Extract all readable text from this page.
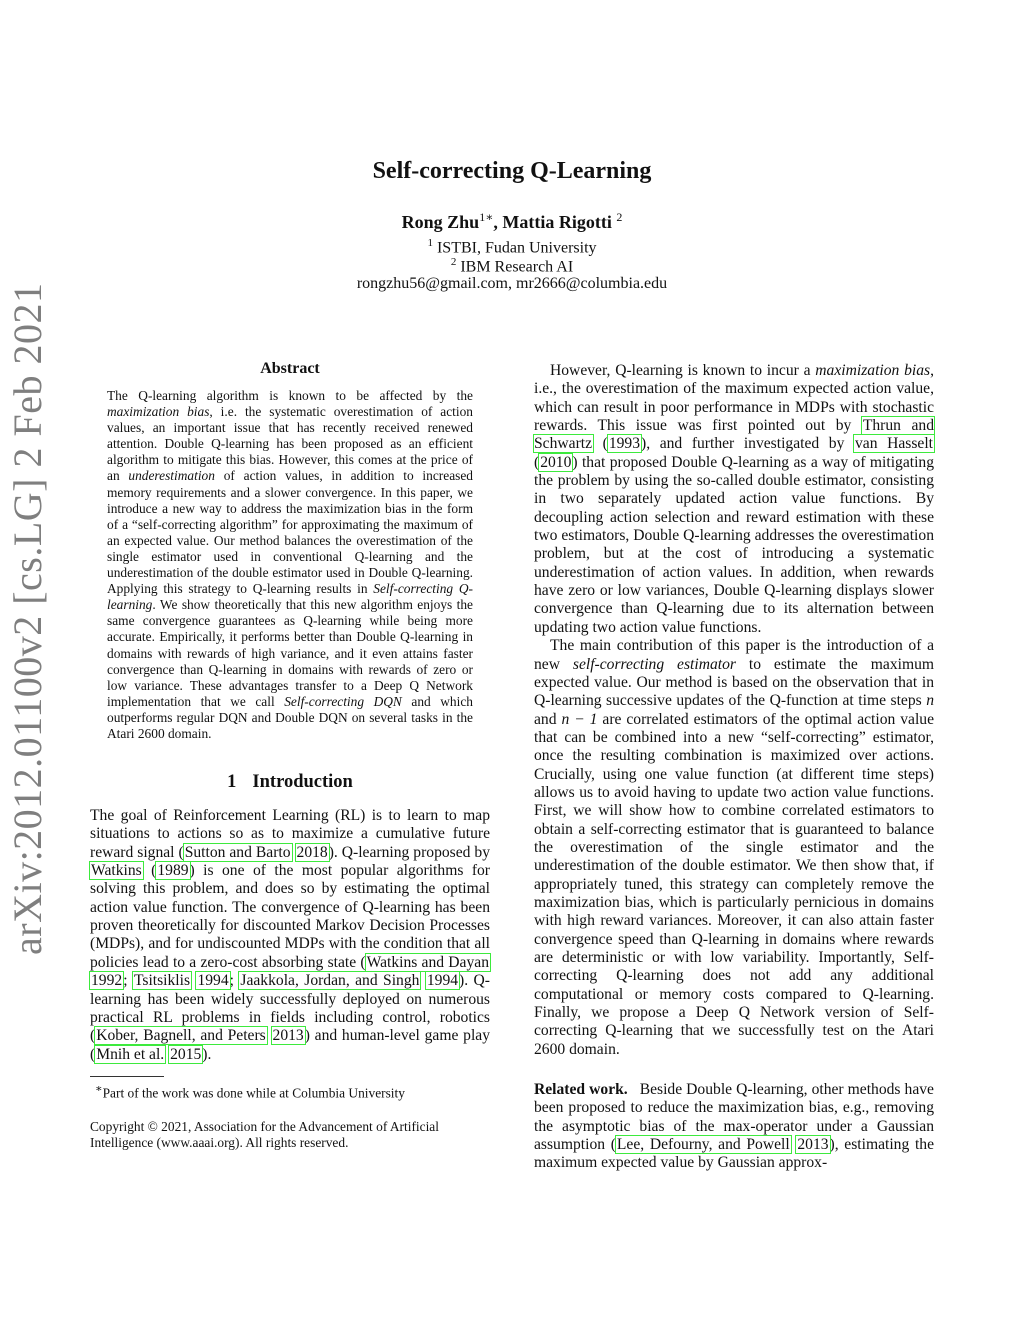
arXiv:2012.01100v2 [cs.LG] 2 Feb 2021
Self-correcting Q-Learning
Rong Zhu$^{1∗}$, Mattia Rigotti $^2$
$^1$ ISTBI, Fudan University
$^2$ IBM Research AI
rongzhu56@gmail.com, mr2666@columbia.edu
Abstract

The Q-learning algorithm is known to be affected by the maximization bias, i.e. the systematic overestimation of action values, an important issue that has recently received renewed attention. Double Q-learning has been proposed as an efficient algorithm to mitigate this bias. However, this comes at the price of an underestimation of action values, in addition to increased memory requirements and a slower convergence. In this paper, we introduce a new way to address the maximization bias in the form of a “self-correcting algorithm” for approximating the maximum of an expected value. Our method balances the overestimation of the single estimator used in conventional Q-learning and the underestimation of the double estimator used in Double Q-learning. Applying this strategy to Q-learning results in Self-correcting Q-learning. We show theoretically that this new algorithm enjoys the same convergence guarantees as Q-learning while being more accurate. Empirically, it performs better than Double Q-learning in domains with rewards of high variance, and it even attains faster convergence than Q-learning in domains with rewards of zero or low variance. These advantages transfer to a Deep Q Network implementation that we call Self-correcting DQN and which outperforms regular DQN and Double DQN on several tasks in the Atari 2600 domain.

1 Introduction

The goal of Reinforcement Learning (RL) is to learn to map situations to actions so as to maximize a cumulative future reward signal (Sutton and Barto 2018). Q-learning proposed by Watkins (1989) is one of the most popular algorithms for solving this problem, and does so by estimating the optimal action value function. The convergence of Q-learning has been proven theoretically for discounted Markov Decision Processes (MDPs), and for undiscounted MDPs with the condition that all policies lead to a zero-cost absorbing state (Watkins and Dayan 1992; Tsitsiklis 1994; Jaakkola, Jordan, and Singh 1994). Q-learning has been widely successfully deployed on numerous practical RL problems in fields including control, robotics (Kober, Bagnell, and Peters 2013) and human-level game play (Mnih et al. 2015).

∗Part of the work was done while at Columbia University

Copyright © 2021, Association for the Advancement of Artificial Intelligence (www.aaai.org). All rights reserved.

However, Q-learning is known to incur a maximization bias, i.e., the overestimation of the maximum expected action value, which can result in poor performance in MDPs with stochastic rewards. This issue was first pointed out by Thrun and Schwartz (1993), and further investigated by van Hasselt (2010) that proposed Double Q-learning as a way of mitigating the problem by using the so-called double estimator, consisting in two separately updated action value functions. By decoupling action selection and reward estimation with these two estimators, Double Q-learning addresses the overestimation problem, but at the cost of introducing a systematic underestimation of action values. In addition, when rewards have zero or low variances, Double Q-learning displays slower convergence than Q-learning due to its alternation between updating two action value functions.

The main contribution of this paper is the introduction of a new self-correcting estimator to estimate the maximum expected value. Our method is based on the observation that in Q-learning successive updates of the Q-function at time steps n and n − 1 are correlated estimators of the optimal action value that can be combined into a new “self-correcting” estimator, once the resulting combination is maximized over actions. Crucially, using one value function (at different time steps) allows us to avoid having to update two action value functions. First, we will show how to combine correlated estimators to obtain a self-correcting estimator that is guaranteed to balance the overestimation of the single estimator and the underestimation of the double estimator. We then show that, if appropriately tuned, this strategy can completely remove the maximization bias, which is particularly pernicious in domains with high reward variances. Moreover, it can also attain faster convergence speed than Q-learning in domains where rewards are deterministic or with low variability. Importantly, Self-correcting Q-learning does not add any additional computational or memory costs compared to Q-learning. Finally, we propose a Deep Q Network version of Self-correcting Q-learning that we successfully test on the Atari 2600 domain.

Related work. Beside Double Q-learning, other methods have been proposed to reduce the maximization bias, e.g., removing the asymptotic bias of the max-operator under a Gaussian assumption (Lee, Defourny, and Powell 2013), estimating the maximum expected value by Gaussian approx-
